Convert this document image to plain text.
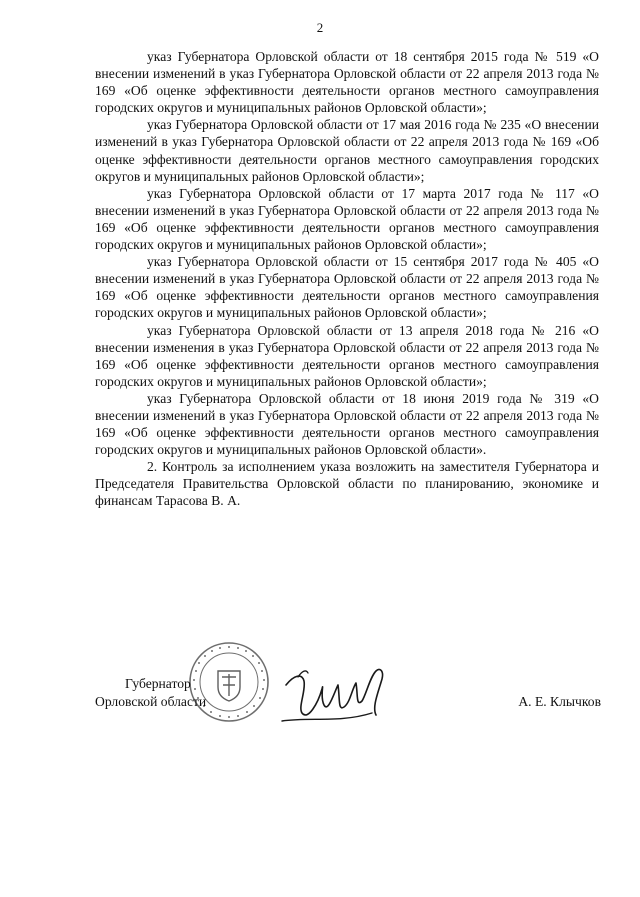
2

указ Губернатора Орловской области от 18 сентября 2015 года № 519 «О внесении изменений в указ Губернатора Орловской области от 22 апреля 2013 года № 169 «Об оценке эффективности деятельности органов местного самоуправления городских округов и муниципальных районов Орловской области»;

указ Губернатора Орловской области от 17 мая 2016 года № 235 «О внесении изменений в указ Губернатора Орловской области от 22 апреля 2013 года № 169 «Об оценке эффективности деятельности органов местного самоуправления городских округов и муниципальных районов Орловской области»;

указ Губернатора Орловской области от 17 марта 2017 года № 117 «О внесении изменений в указ Губернатора Орловской области от 22 апреля 2013 года № 169 «Об оценке эффективности деятельности органов местного самоуправления городских округов и муниципальных районов Орловской области»;

указ Губернатора Орловской области от 15 сентября 2017 года № 405 «О внесении изменений в указ Губернатора Орловской области от 22 апреля 2013 года № 169 «Об оценке эффективности деятельности органов местного самоуправления городских округов и муниципальных районов Орловской области»;

указ Губернатора Орловской области от 13 апреля 2018 года № 216 «О внесении изменения в указ Губернатора Орловской области от 22 апреля 2013 года № 169 «Об оценке эффективности деятельности органов местного самоуправления городских округов и муниципальных районов Орловской области»;

указ Губернатора Орловской области от 18 июня 2019 года № 319 «О внесении изменений в указ Губернатора Орловской области от 22 апреля 2013 года № 169 «Об оценке эффективности деятельности органов местного самоуправления городских округов и муниципальных районов Орловской области».

2. Контроль за исполнением указа возложить на заместителя Губернатора и Председателя Правительства Орловской области по планированию, экономике и финансам Тарасова В. А.

Губернатор
Орловской области	А. Е. Клычков
